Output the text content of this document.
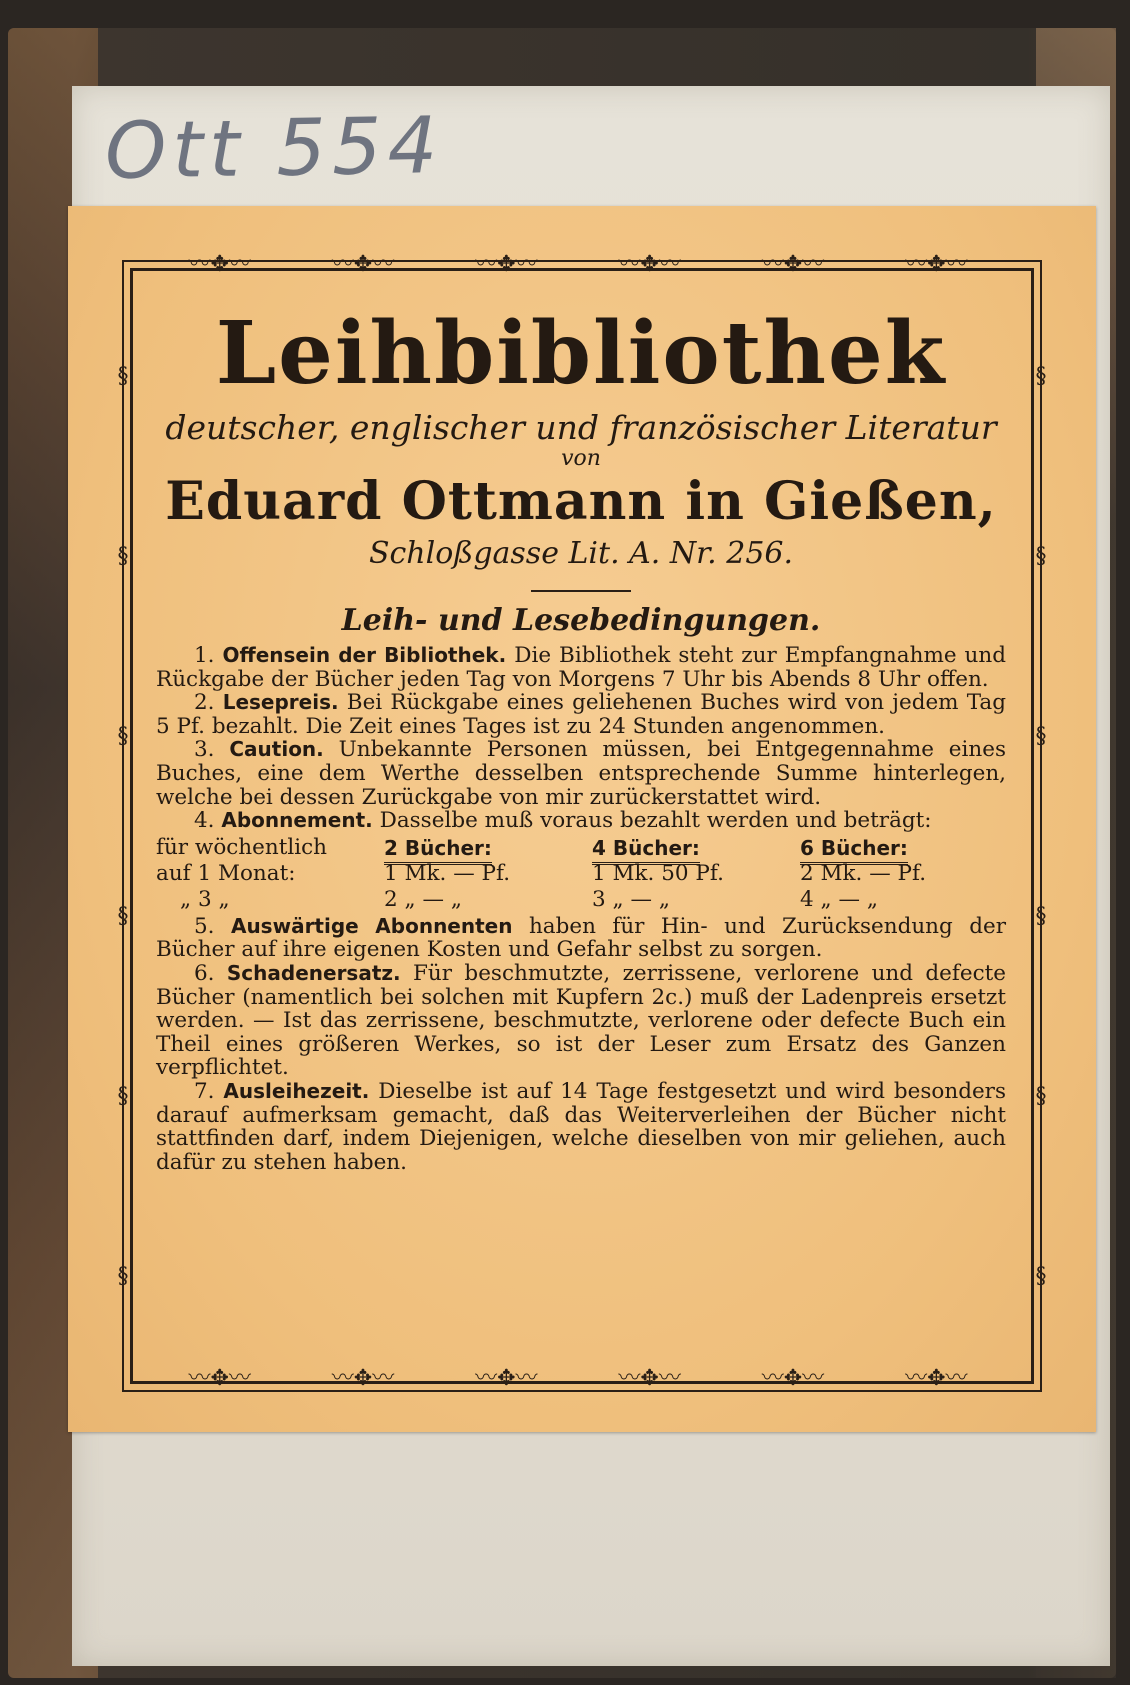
Ott 554
〰✥〰	〰✥〰	〰✥〰	〰✥〰	〰✥〰	〰✥〰
〰✥〰	〰✥〰	〰✥〰	〰✥〰	〰✥〰	〰✥〰
§
§
§
§
§
§
§
§
§
§
§
§
Leihbibliothek
deutscher, englischer und französischer Literatur
von
Eduard Ottmann in Gießen,
Schloßgasse Lit. A. Nr. 256.
Leih- und Lesebedingungen.
1. Offensein der Bibliothek. Die Bibliothek steht zur Empfangnahme und Rückgabe der Bücher jeden Tag von Morgens 7 Uhr bis Abends 8 Uhr offen.
2. Lesepreis. Bei Rückgabe eines geliehenen Buches wird von jedem Tag 5 Pf. bezahlt. Die Zeit eines Tages ist zu 24 Stunden angenommen.
3. Caution. Unbekannte Personen müssen, bei Entgegennahme eines Buches, eine dem Werthe desselben entsprechende Summe hinterlegen, welche bei dessen Zurückgabe von mir zurückerstattet wird.
4. Abonnement. Dasselbe muß voraus bezahlt werden und beträgt:
für wöchentlich	2 Bücher:	4 Bücher:	6 Bücher:
auf 1 Monat:	1 Mk. — Pf.	1 Mk. 50 Pf.	2 Mk. — Pf.
„ 3 „	2 „ — „	3 „ — „	4 „ — „
5. Auswärtige Abonnenten haben für Hin- und Zurücksendung der Bücher auf ihre eigenen Kosten und Gefahr selbst zu sorgen.
6. Schadenersatz. Für beschmutzte, zerrissene, verlorene und defecte Bücher (namentlich bei solchen mit Kupfern 2c.) muß der Ladenpreis ersetzt werden. — Ist das zerrissene, beschmutzte, verlorene oder defecte Buch ein Theil eines größeren Werkes, so ist der Leser zum Ersatz des Ganzen verpflichtet.
7. Ausleihezeit. Dieselbe ist auf 14 Tage festgesetzt und wird besonders darauf aufmerksam gemacht, daß das Weiterverleihen der Bücher nicht stattfinden darf, indem Diejenigen, welche dieselben von mir geliehen, auch dafür zu stehen haben.
